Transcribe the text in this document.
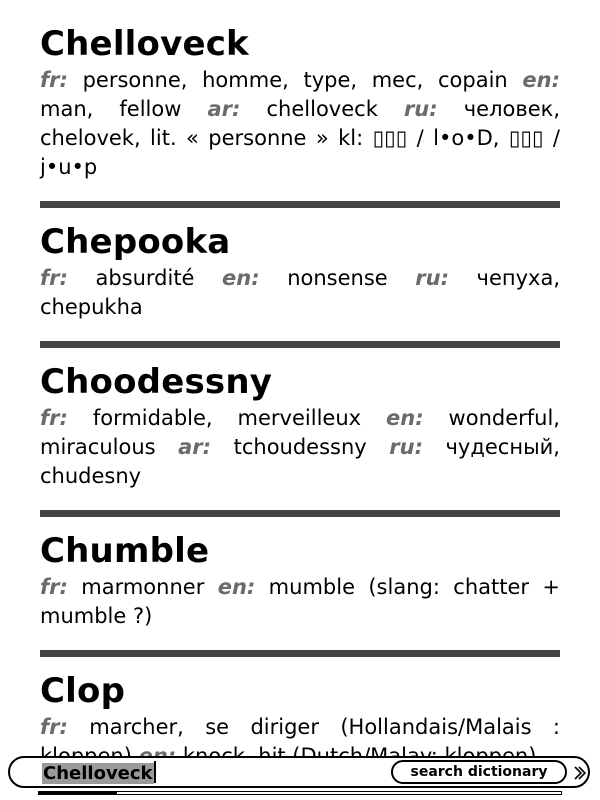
Chelloveck
fr: personne, homme, type, mec, copain en: man, fellow ar: chelloveck ru: человек, chelovek, lit. « personne » kl: ▯▯▯ / l•o•D, ▯▯▯ / j•u•p
Chepooka
fr: absurdité en: nonsense ru: чепуха, chepukha
Choodessny
fr: formidable, merveilleux en: wonderful, miraculous ar: tchoudessny ru: чудесный, chudesny
Chumble
fr: marmonner en: mumble (slang: chatter + mumble ?)
Clop
fr: marcher, se diriger (Hollandais/Malais :
Chelloveck	search dictionary
